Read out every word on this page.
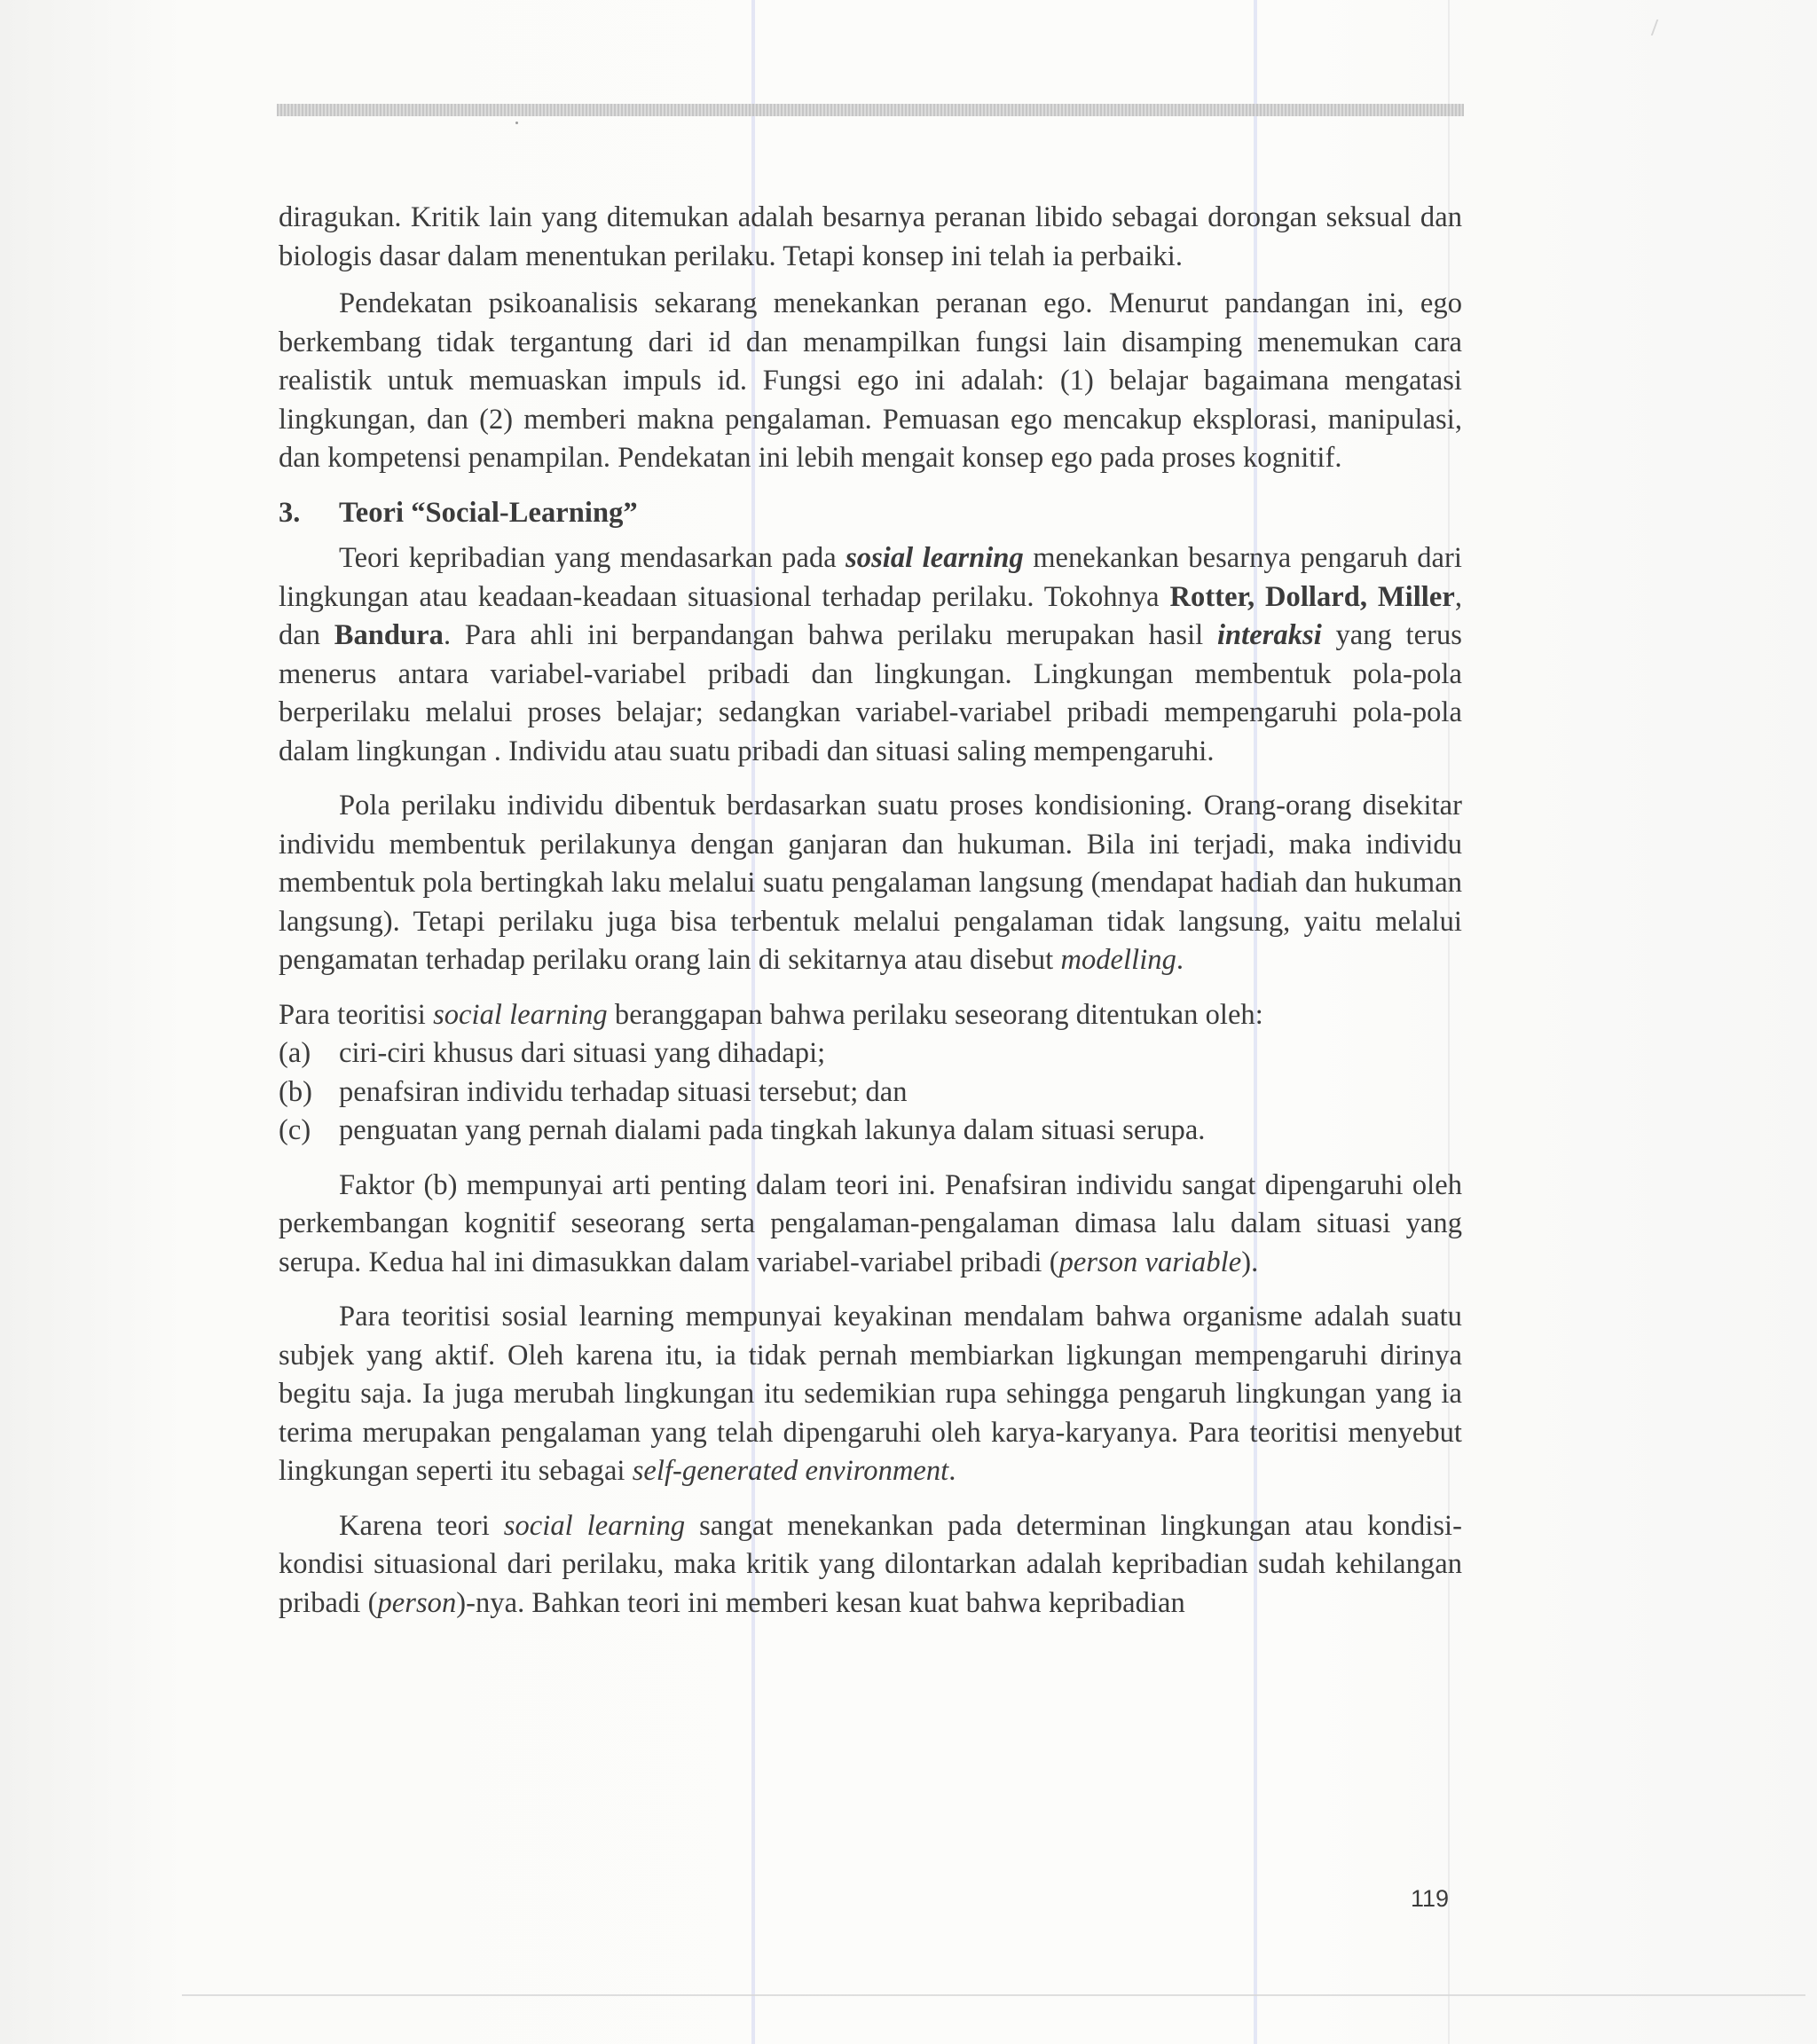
diragukan. Kritik lain yang ditemukan adalah besarnya peranan libido sebagai dorongan seksual dan biologis dasar dalam menentukan perilaku. Tetapi konsep ini telah ia perbaiki.

Pendekatan psikoanalisis sekarang menekankan peranan ego. Menurut pandangan ini, ego berkembang tidak tergantung dari id dan menampilkan fungsi lain disamping menemukan cara realistik untuk memuaskan impuls id. Fungsi ego ini adalah: (1) belajar bagaimana mengatasi lingkungan, dan (2) memberi makna pengalaman. Pemuasan ego mencakup eksplorasi, manipulasi, dan kompetensi penampilan. Pendekatan ini lebih mengait konsep ego pada proses kognitif.

3. Teori “Social-Learning”

Teori kepribadian yang mendasarkan pada sosial learning menekankan besarnya pengaruh dari lingkungan atau keadaan-keadaan situasional terhadap perilaku. Tokohnya Rotter, Dollard, Miller, dan Bandura. Para ahli ini berpandangan bahwa perilaku merupakan hasil interaksi yang terus menerus antara variabel-variabel pribadi dan lingkungan. Lingkungan membentuk pola-pola berperilaku melalui proses belajar; sedangkan variabel-variabel pribadi mempengaruhi pola-pola dalam lingkungan . Individu atau suatu pribadi dan situasi saling mempengaruhi.

Pola perilaku individu dibentuk berdasarkan suatu proses kondisioning. Orang-orang disekitar individu membentuk perilakunya dengan ganjaran dan hukuman. Bila ini terjadi, maka individu membentuk pola bertingkah laku melalui suatu pengalaman langsung (mendapat hadiah dan hukuman langsung). Tetapi perilaku juga bisa terbentuk melalui pengalaman tidak langsung, yaitu melalui pengamatan terhadap perilaku orang lain di sekitarnya atau disebut modelling.

Para teoritisi social learning beranggapan bahwa perilaku seseorang ditentukan oleh:

(a) ciri-ciri khusus dari situasi yang dihadapi;
(b) penafsiran individu terhadap situasi tersebut; dan
(c) penguatan yang pernah dialami pada tingkah lakunya dalam situasi serupa.

Faktor (b) mempunyai arti penting dalam teori ini. Penafsiran individu sangat dipengaruhi oleh perkembangan kognitif seseorang serta pengalaman-pengalaman dimasa lalu dalam situasi yang serupa. Kedua hal ini dimasukkan dalam variabel-variabel pribadi (person variable).

Para teoritisi sosial learning mempunyai keyakinan mendalam bahwa organisme adalah suatu subjek yang aktif. Oleh karena itu, ia tidak pernah membiarkan ligkungan mempengaruhi dirinya begitu saja. Ia juga merubah lingkungan itu sedemikian rupa sehingga pengaruh lingkungan yang ia terima merupakan pengalaman yang telah dipengaruhi oleh karya-karyanya. Para teoritisi menyebut lingkungan seperti itu sebagai self-generated environment.

Karena teori social learning sangat menekankan pada determinan lingkungan atau kondisi-kondisi situasional dari perilaku, maka kritik yang dilontarkan adalah kepribadian sudah kehilangan pribadi (person)-nya. Bahkan teori ini memberi kesan kuat bahwa kepribadian

119
